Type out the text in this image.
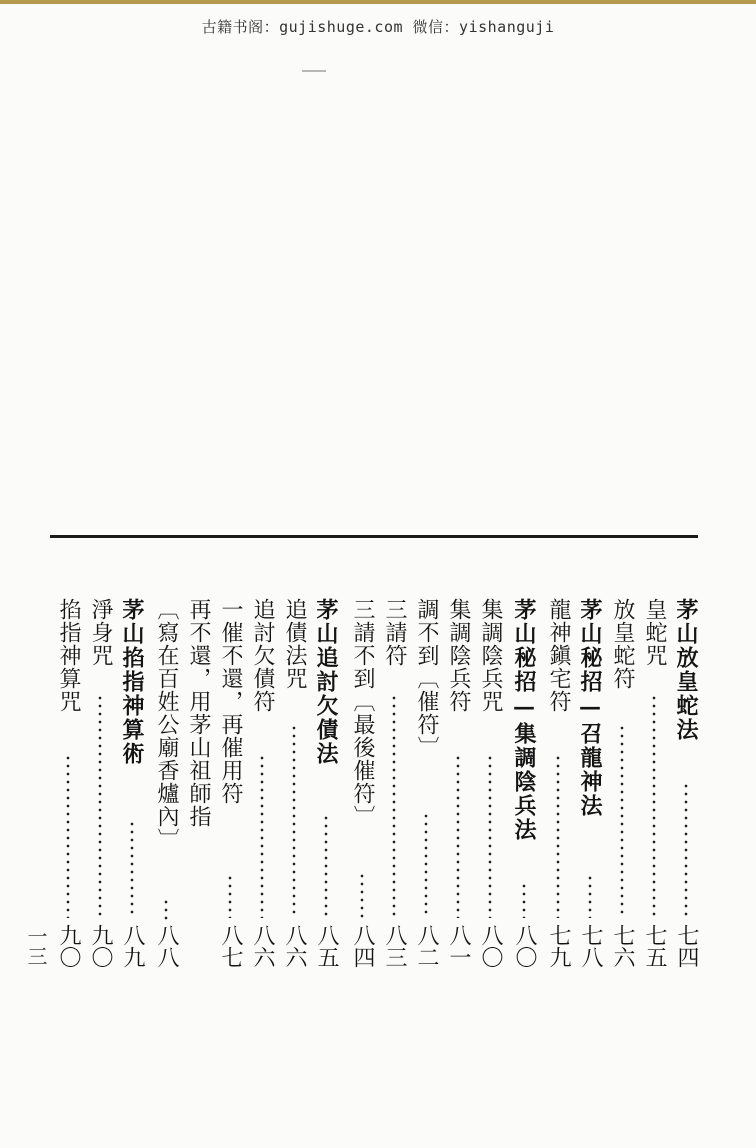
古籍书阁：gujishuge.com 微信：yishanguji
茅山放皇蛇法
七四
皇蛇咒
七五
放皇蛇符
七六
茅山秘招—召龍神法
七八
龍神鎭宅符
七九
茅山秘招—集調陰兵法
八〇
集調陰兵咒
八〇
集調陰兵符
八一
調不到〔催符〕
八二
三請符
八三
三請不到〔最後催符〕
八四
茅山追討欠債法
八五
追債法咒
八六
追討欠債符
八六
一催不還，再催用符
八七
再不還，用茅山祖師指
〔寫在百姓公廟香爐內〕
八八
茅山掐指神算術
八九
淨身咒
九〇
掐指神算咒
九〇
一三
